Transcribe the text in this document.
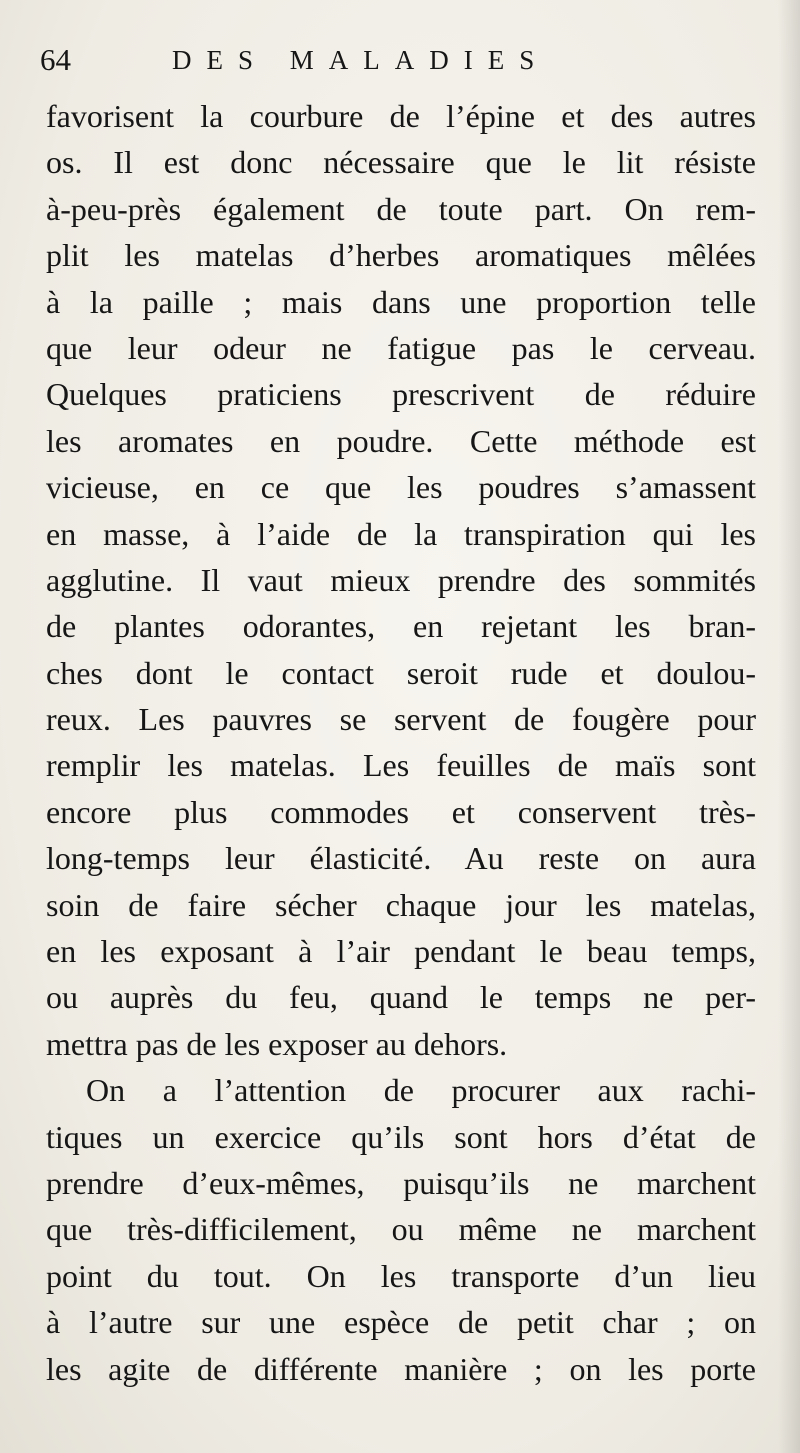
64	DES MALADIES
favorisent la courbure de l’épine et des autres
os. Il est donc nécessaire que le lit résiste
à-peu-près également de toute part. On rem-
plit les matelas d’herbes aromatiques mêlées
à la paille ; mais dans une proportion telle
que leur odeur ne fatigue pas le cerveau.
Quelques praticiens prescrivent de réduire
les aromates en poudre. Cette méthode est
vicieuse, en ce que les poudres s’amassent
en masse, à l’aide de la transpiration qui les
agglutine. Il vaut mieux prendre des sommités
de plantes odorantes, en rejetant les bran-
ches dont le contact seroit rude et doulou-
reux. Les pauvres se servent de fougère pour
remplir les matelas. Les feuilles de maïs sont
encore plus commodes et conservent très-
long-temps leur élasticité. Au reste on aura
soin de faire sécher chaque jour les matelas,
en les exposant à l’air pendant le beau temps,
ou auprès du feu, quand le temps ne per-
mettra pas de les exposer au dehors.
On a l’attention de procurer aux rachi-
tiques un exercice qu’ils sont hors d’état de
prendre d’eux-mêmes, puisqu’ils ne marchent
que très-difficilement, ou même ne marchent
point du tout. On les transporte d’un lieu
à l’autre sur une espèce de petit char ; on
les agite de différente manière ; on les porte
